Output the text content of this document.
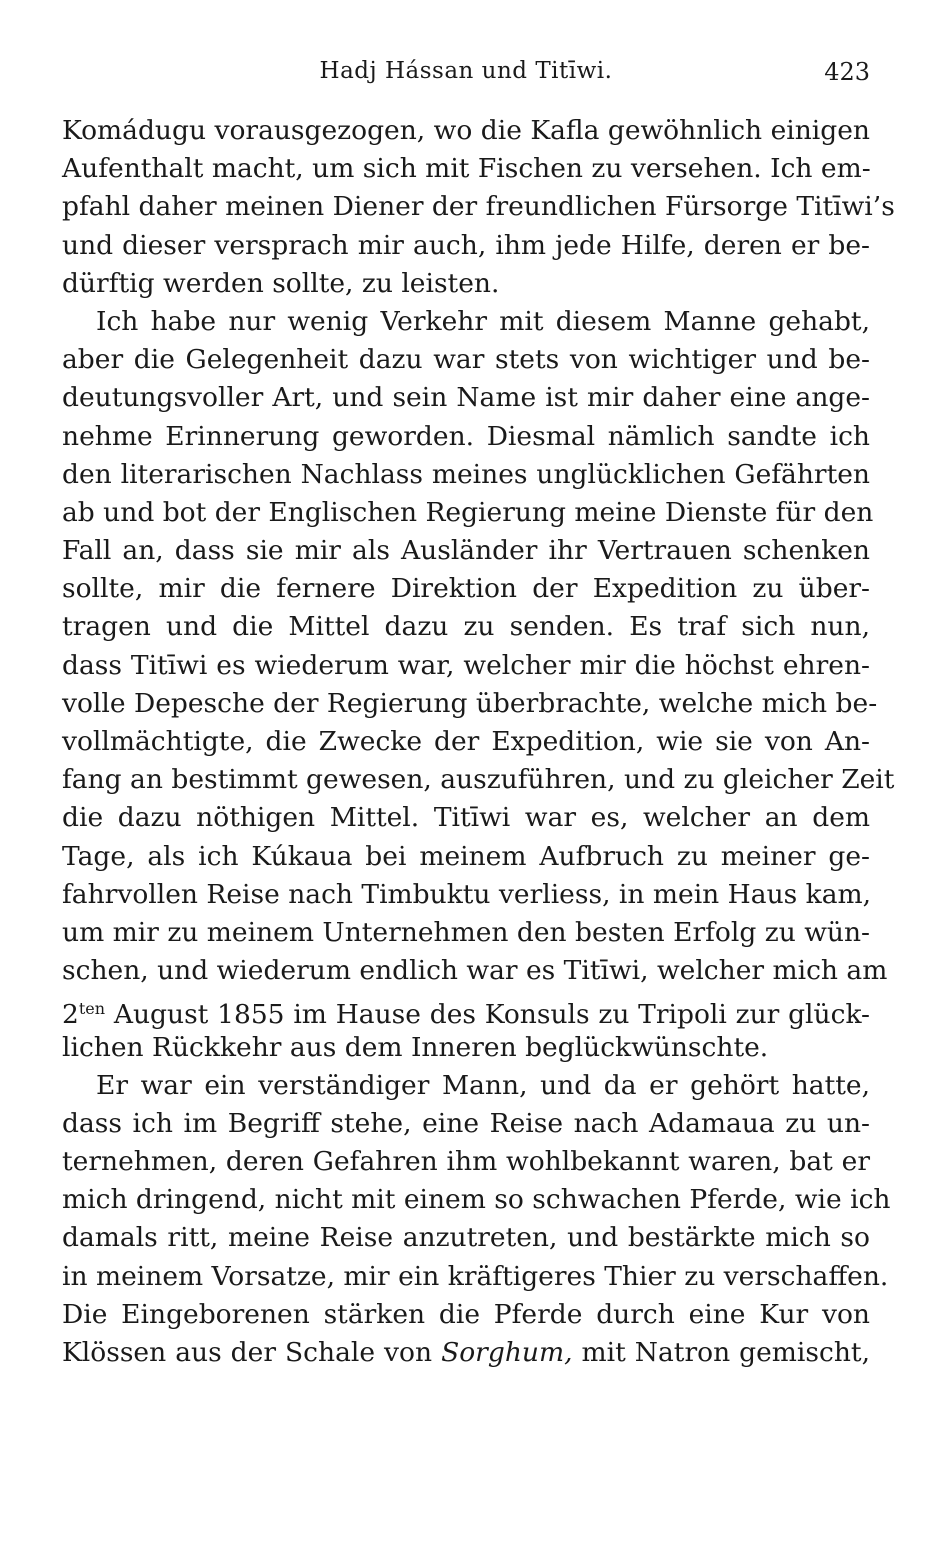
Hadj Hássan und Titīwi.	423
Komádugu vorausgezogen, wo die Kafla gewöhnlich einigen
Aufenthalt macht, um sich mit Fischen zu versehen. Ich em-
pfahl daher meinen Diener der freundlichen Fürsorge Titīwi’s
und dieser versprach mir auch, ihm jede Hilfe, deren er be-
dürftig werden sollte, zu leisten.
Ich habe nur wenig Verkehr mit diesem Manne gehabt,
aber die Gelegenheit dazu war stets von wichtiger und be-
deutungsvoller Art, und sein Name ist mir daher eine ange-
nehme Erinnerung geworden. Diesmal nämlich sandte ich
den literarischen Nachlass meines unglücklichen Gefährten
ab und bot der Englischen Regierung meine Dienste für den
Fall an, dass sie mir als Ausländer ihr Vertrauen schenken
sollte, mir die fernere Direktion der Expedition zu über-
tragen und die Mittel dazu zu senden. Es traf sich nun,
dass Titīwi es wiederum war, welcher mir die höchst ehren-
volle Depesche der Regierung überbrachte, welche mich be-
vollmächtigte, die Zwecke der Expedition, wie sie von An-
fang an bestimmt gewesen, auszuführen, und zu gleicher Zeit
die dazu nöthigen Mittel. Titīwi war es, welcher an dem
Tage, als ich Kúkaua bei meinem Aufbruch zu meiner ge-
fahrvollen Reise nach Timbuktu verliess, in mein Haus kam,
um mir zu meinem Unternehmen den besten Erfolg zu wün-
schen, und wiederum endlich war es Titīwi, welcher mich am
$2^{ten}$ August 1855 im Hause des Konsuls zu Tripoli zur glück-
lichen Rückkehr aus dem Inneren beglückwünschte.
Er war ein verständiger Mann, und da er gehört hatte,
dass ich im Begriff stehe, eine Reise nach Adamaua zu un-
ternehmen, deren Gefahren ihm wohlbekannt waren, bat er
mich dringend, nicht mit einem so schwachen Pferde, wie ich
damals ritt, meine Reise anzutreten, und bestärkte mich so
in meinem Vorsatze, mir ein kräftigeres Thier zu verschaffen.
Die Eingeborenen stärken die Pferde durch eine Kur von
Klössen aus der Schale von Sorghum, mit Natron gemischt,
